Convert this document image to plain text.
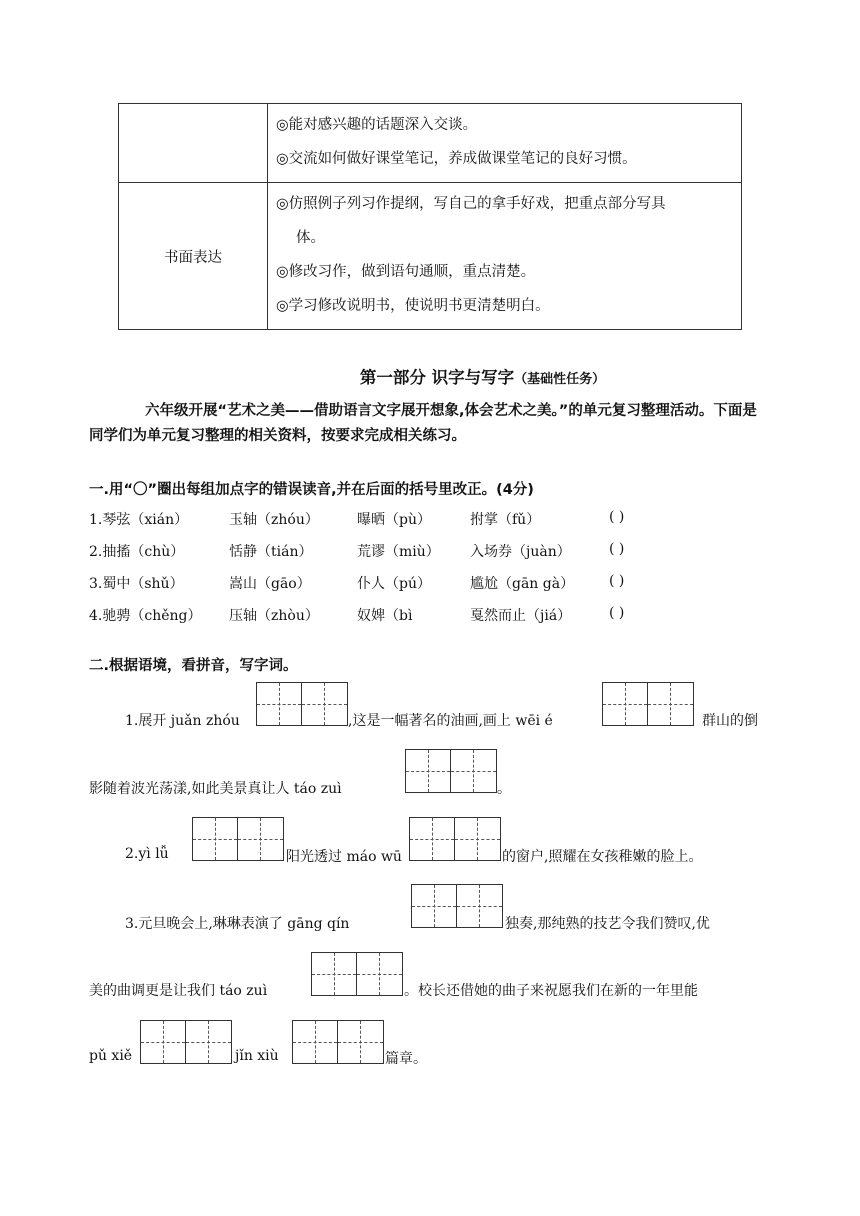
	◎能对感兴趣的话题深入交谈。
◎交流如何做好课堂笔记，养成做课堂笔记的良好习惯。

书面表达	◎仿照例子列习作提纲，写自己的拿手好戏，把重点部分写具
体。
◎修改习作，做到语句通顺，重点清楚。
◎学习修改说明书，使说明书更清楚明白。
第一部分 识字与写字（基础性任务）
六年级开展“艺术之美——借助语言文字展开想象,体会艺术之美。”的单元复习整理活动。下面是同学们为单元复习整理的相关资料，按要求完成相关练习。
一.用“〇”圈出每组加点字的错误读音,并在后面的括号里改正。(4分)
1.琴弦（xián）	玉轴（zhóu）	曝晒（pù）	拊掌（fǔ）	( )
2.抽搐（chù）	恬静（tián）	荒谬（miù） 入场券（juàn）	( )
3.蜀中（shǔ）	嵩山（gāo）	仆人（pú）	尴尬（gān gà） ( )
4.驰骋（chěng） 压轴（zhòu）	奴婢（bì	戛然而止（jiá）	( )
二.根据语境，看拼音，写字词。
1.展开 juǎn zhóu	,这是一幅著名的油画,画上 wēi é	群山的倒
影随着波光荡漾,如此美景真让人 táo zuì	。
2.yì lǚ	阳光透过 máo wū	的窗户,照耀在女孩稚嫩的脸上。
3.元旦晚会上,琳琳表演了 gāng qín	独奏,那纯熟的技艺令我们赞叹,优
美的曲调更是让我们 táo zuì	。校长还借她的曲子来祝愿我们在新的一年里能
pǔ xiě	jǐn xiù	篇章。
